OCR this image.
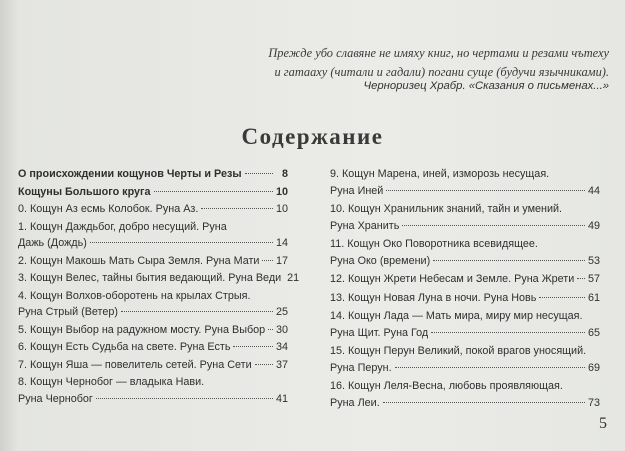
Прежде убо славяне не имяху книг, но чертами и резами чътеху
и гатааху (читали и гадали) погани суще (будучи язычниками).
Черноризец Храбр. «Сказания о письменах...»
Содержание
О происхождении кощунов Черты и Резы	8
Кощуны Большого круга	10
0. Кощун Аз есмь Колобок. Руна Аз.	10
1. Кощун Даждьбог, добро несущий. Руна
Дажь (Дождь)	14
2. Кощун Макошь Мать Сыра Земля. Руна Мати 17
3. Кощун Велес, тайны бытия ведающий. Руна Веди 21
4. Кощун Волхов-оборотень на крылах Стрыя.
Руна Стрый (Ветер)	25
5. Кощун Выбор на радужном мосту. Руна Выбор 30
6. Кощун Есть Судьба на свете. Руна Есть	34
7. Кощун Яша — повелитель сетей. Руна Сети 37
8. Кощун Чернобог — владыка Нави.
Руна Чернобог	41
9. Кощун Марена, иней, изморозь несущая.
Руна Иней	44
10. Кощун Хранильник знаний, тайн и умений.
Руна Хранить	49
11. Кощун Око Поворотника всевидящее.
Руна Око (времени)	53
12. Кощун Жрети Небесам и Земле. Руна Жрети 57
13. Кощун Новая Луна в ночи. Руна Новь	61
14. Кощун Лада — Мать мира, миру мир несущая.
Руна Щит. Руна Год	65
15. Кощун Перун Великий, покой врагов уносящий.
Руна Перун.	69
16. Кощун Леля-Весна, любовь проявляющая.
Руна Леи.	73
5
